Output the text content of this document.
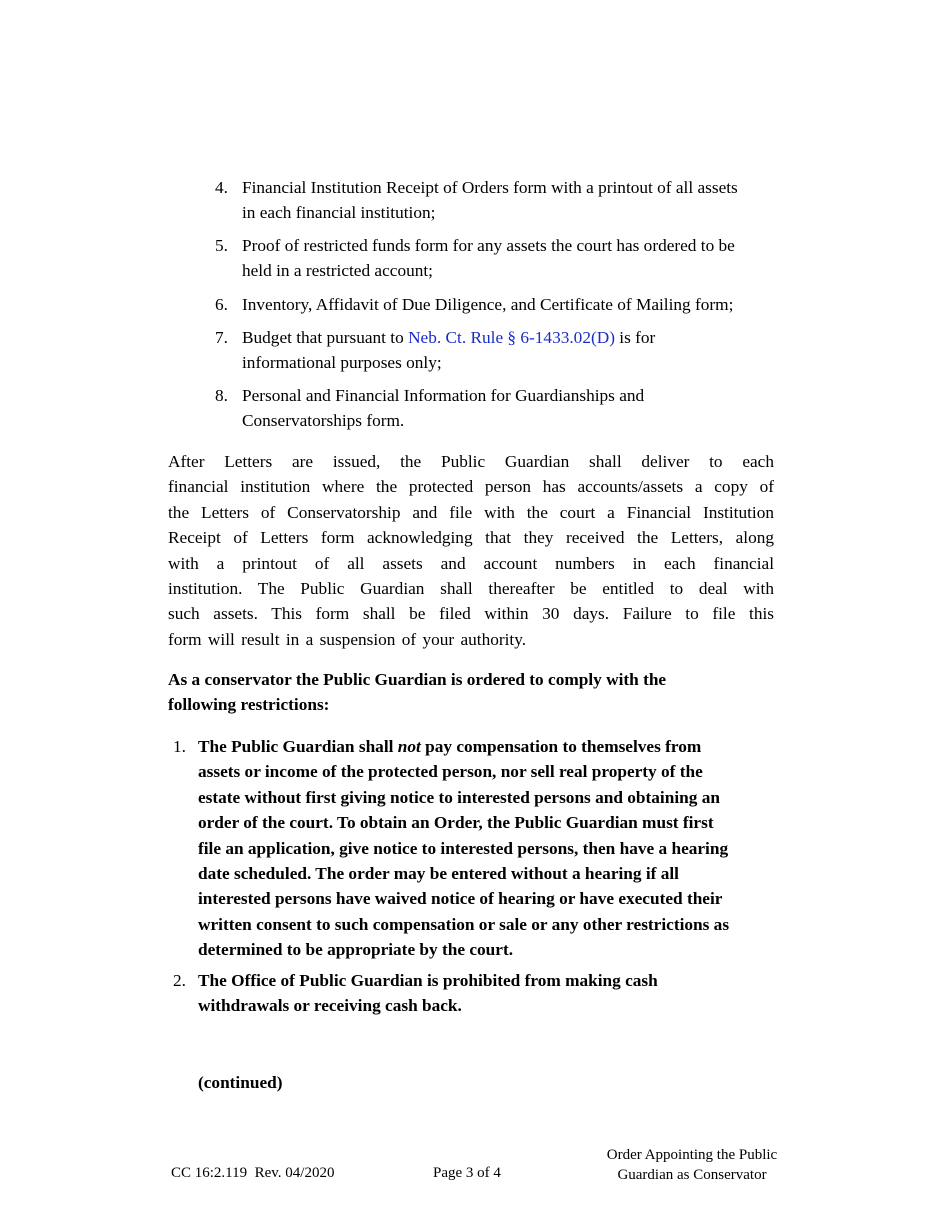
4. Financial Institution Receipt of Orders form with a printout of all assets
in each financial institution;
5. Proof of restricted funds form for any assets the court has ordered to be
held in a restricted account;
6. Inventory, Affidavit of Due Diligence, and Certificate of Mailing form;
7. Budget that pursuant to Neb. Ct. Rule § 6-1433.02(D) is for
informational purposes only;
8. Personal and Financial Information for Guardianships and
Conservatorships form.
After Letters are issued, the Public Guardian shall deliver to each
financial institution where the protected person has accounts/assets a copy of
the Letters of Conservatorship and file with the court a Financial Institution
Receipt of Letters form acknowledging that they received the Letters, along
with a printout of all assets and account numbers in each financial
institution. The Public Guardian shall thereafter be entitled to deal with
such assets. This form shall be filed within 30 days. Failure to file this
form will result in a suspension of your authority.
As a conservator the Public Guardian is ordered to comply with the
following restrictions:
1. The Public Guardian shall not pay compensation to themselves from
assets or income of the protected person, nor sell real property of the
estate without first giving notice to interested persons and obtaining an
order of the court. To obtain an Order, the Public Guardian must first
file an application, give notice to interested persons, then have a hearing
date scheduled. The order may be entered without a hearing if all
interested persons have waived notice of hearing or have executed their
written consent to such compensation or sale or any other restrictions as
determined to be appropriate by the court.
2. The Office of Public Guardian is prohibited from making cash
withdrawals or receiving cash back.
(continued)
CC 16:2.119  Rev. 04/2020	Page 3 of 4
Order Appointing the Public
Guardian as Conservator
